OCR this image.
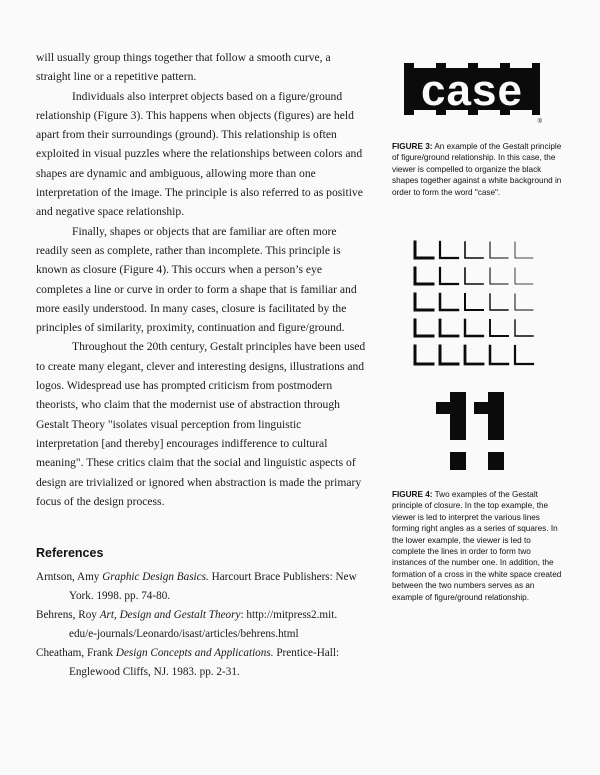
will usually group things together that follow a smooth curve, a straight line or a repetitive pattern.

Individuals also interpret objects based on a figure/ground relationship (Figure 3). This happens when objects (figures) are held apart from their surroundings (ground). This relationship is often exploited in visual puzzles where the relationships between colors and shapes are dynamic and ambiguous, allowing more than one interpretation of the image. The principle is also referred to as positive and negative space relationship.

Finally, shapes or objects that are familiar are often more readily seen as complete, rather than incomplete. This principle is known as closure (Figure 4). This occurs when a person’s eye completes a line or curve in order to form a shape that is familiar and more easily understood. In many cases, closure is facilitated by the principles of similarity, proximity, continuation and figure/ground.

Throughout the 20th century, Gestalt principles have been used to create many elegant, clever and interesting designs, illustrations and logos. Widespread use has prompted criticism from postmodern theorists, who claim that the modernist use of abstraction through Gestalt Theory "isolates visual perception from linguistic interpretation [and thereby] encourages indifference to cultural meaning". These critics claim that the social and linguistic aspects of design are trivialized or ignored when abstraction is made the primary focus of the design process.

References
Arntson, Amy Graphic Design Basics. Harcourt Brace Publishers: New York. 1998. pp. 74-80.
Behrens, Roy Art, Design and Gestalt Theory: http://mitpress2.mit. edu/e-journals/Leonardo/isast/articles/behrens.html
Cheatham, Frank Design Concepts and Applications. Prentice-Hall: Englewood Cliffs, NJ. 1983. pp. 2-31.
case
®
FIGURE 3: An example of the Gestalt principle of figure/ground relationship. In this case, the viewer is compelled to organize the black shapes together against a white background in order to form the word "case".
FIGURE 4: Two examples of the Gestalt principle of closure. In the top example, the viewer is led to interpret the various lines forming right angles as a series of squares. In the lower example, the viewer is led to complete the lines in order to form two instances of the number one. In addition, the formation of a cross in the white space created between the two numbers serves as an example of figure/ground relationship.
